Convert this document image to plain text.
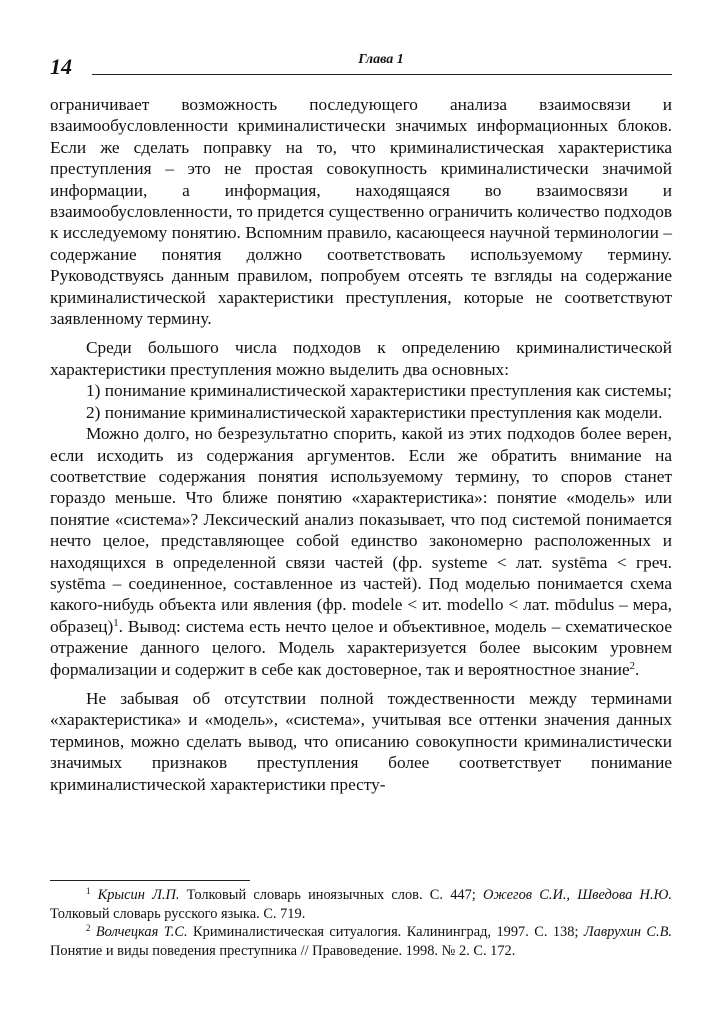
14	Глава 1

ограничивает возможность последующего анализа взаимосвязи и взаимообусловленности криминалистически значимых информационных блоков. Если же сделать поправку на то, что криминалистическая характеристика преступления – это не простая совокупность криминалистически значимой информации, а информация, находящаяся во взаимосвязи и взаимообусловленности, то придется существенно ограничить количество подходов к исследуемому понятию. Вспомним правило, касающееся научной терминологии – содержание понятия должно соответствовать используемому термину. Руководствуясь данным правилом, попробуем отсеять те взгляды на содержание криминалистической характеристики преступления, которые не соответствуют заявленному термину.

Среди большого числа подходов к определению криминалистической характеристики преступления можно выделить два основных:

1) понимание криминалистической характеристики преступления как системы;

2) понимание криминалистической характеристики преступления как модели.

Можно долго, но безрезультатно спорить, какой из этих подходов более верен, если исходить из содержания аргументов. Если же обратить внимание на соответствие содержания понятия используемому термину, то споров станет гораздо меньше. Что ближе понятию «характеристика»: понятие «модель» или понятие «система»? Лексический анализ показывает, что под системой понимается нечто целое, представляющее собой единство закономерно расположенных и находящихся в определенной связи частей (фр. systeme < лат. systēma < греч. systēma – соединенное, составленное из частей). Под моделью понимается схема какого-нибудь объекта или явления (фр. modele < ит. modello < лат. mōdulus – мера, образец)$^1$. Вывод: система есть нечто целое и объективное, модель – схематическое отражение данного целого. Модель характеризуется более высоким уровнем формализации и содержит в себе как достоверное, так и вероятностное знание$^2$.

Не забывая об отсутствии полной тождественности между терминами «характеристика» и «модель», «система», учитывая все оттенки значения данных терминов, можно сделать вывод, что описанию совокупности криминалистически значимых признаков преступления более соответствует понимание криминалистической характеристики престу-

$^1$ Крысин Л.П. Толковый словарь иноязычных слов. С. 447; Ожегов С.И., Шведова Н.Ю. Толковый словарь русского языка. С. 719.

$^2$ Волчецкая Т.С. Криминалистическая ситуалогия. Калининград, 1997. С. 138; Лаврухин С.В. Понятие и виды поведения преступника // Правоведение. 1998. № 2. С. 172.
